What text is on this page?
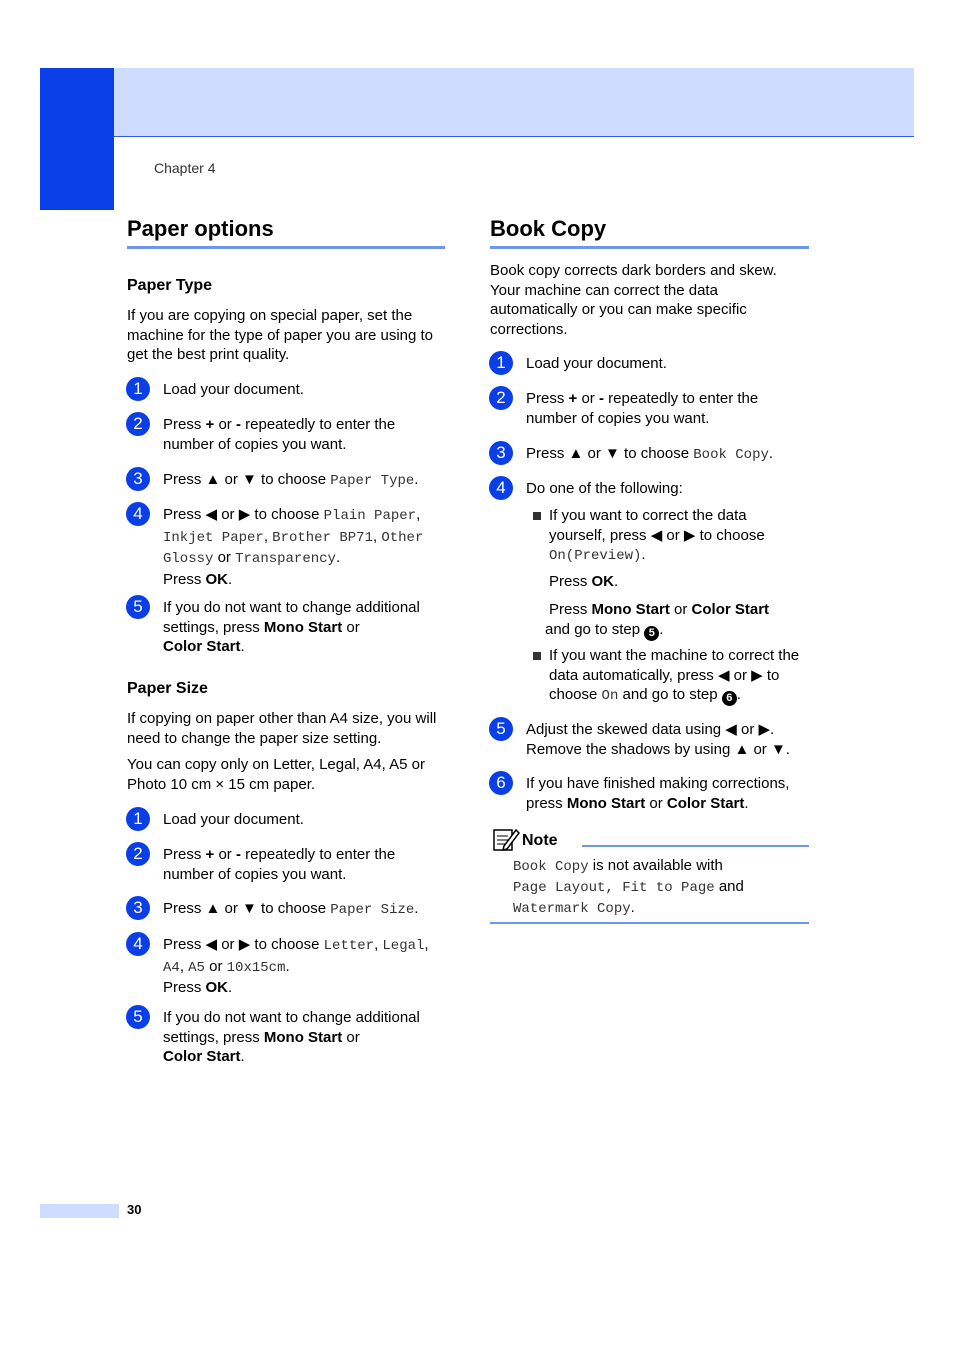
Chapter 4
Paper options
Paper Type

If you are copying on special paper, set the machine for the type of paper you are using to get the best print quality.

1	Load your document.
2	Press + or - repeatedly to enter the number of copies you want.
3	Press ▲ or ▼ to choose Paper Type.
4	Press ◀ or ▶ to choose Plain Paper, Inkjet Paper, Brother BP71, Other Glossy or Transparency.
Press OK.
5	If you do not want to change additional settings, press Mono Start or
Color Start.
Paper Size

If copying on paper other than A4 size, you will need to change the paper size setting.

You can copy only on Letter, Legal, A4, A5 or Photo 10 cm × 15 cm paper.

1	Load your document.
2	Press + or - repeatedly to enter the number of copies you want.
3	Press ▲ or ▼ to choose Paper Size.
4	Press ◀ or ▶ to choose Letter, Legal, A4, A5 or 10x15cm.
Press OK.
5	If you do not want to change additional settings, press Mono Start or
Color Start.
Book Copy

Book copy corrects dark borders and skew. Your machine can correct the data automatically or you can make specific corrections.

1	Load your document.
2	Press + or - repeatedly to enter the number of copies you want.
3	Press ▲ or ▼ to choose Book Copy.
4	Do one of the following:
If you want to correct the data yourself, press ◀ or ▶ to choose
On(Preview).
Press OK.
Press Mono Start or Color Start
and go to step 5 .
If you want the machine to correct the data automatically, press ◀ or ▶ to choose On and go to step 6 .
5	Adjust the skewed data using ◀ or ▶.
Remove the shadows by using ▲ or ▼.
6	If you have finished making corrections, press Mono Start or Color Start.
Note
Book Copy is not available with
Page Layout, Fit to Page and
Watermark Copy.
30
